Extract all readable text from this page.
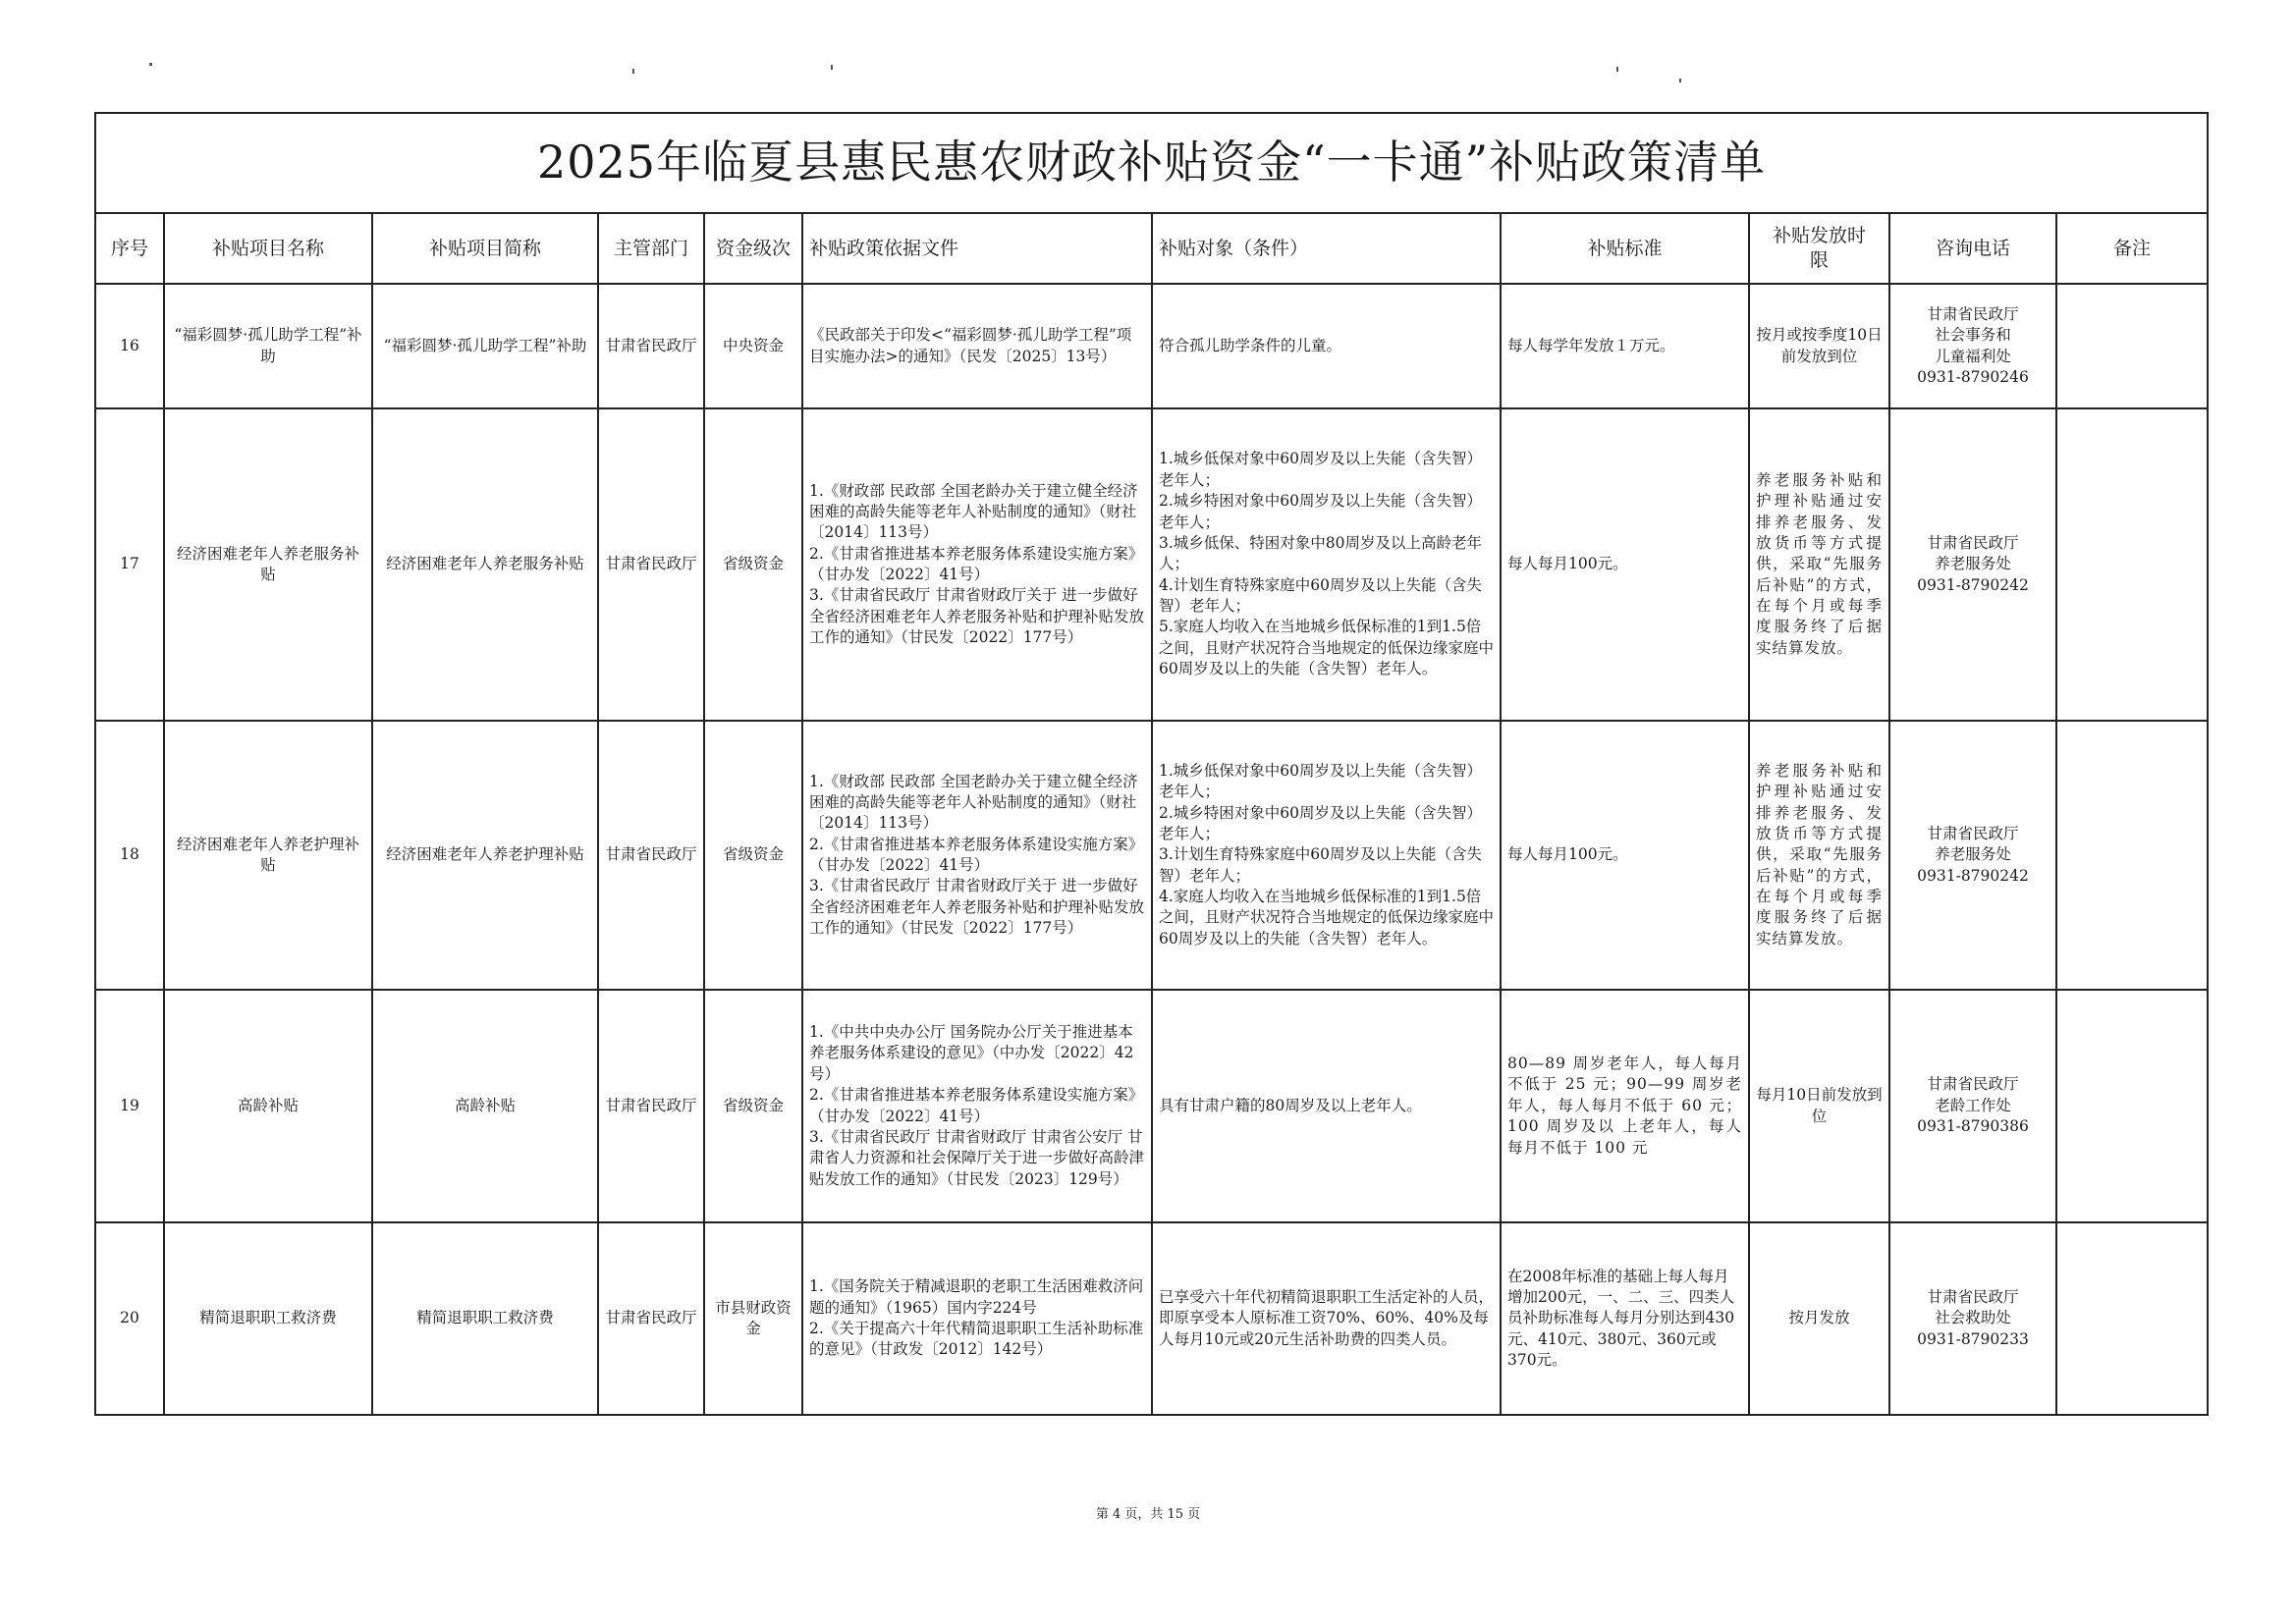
2025年临夏县惠民惠农财政补贴资金“一卡通”补贴政策清单										
序号	补贴项目名称	补贴项目简称	主管部门	资金级次	补贴政策依据文件	补贴对象（条件）	补贴标准	补贴发放时限	咨询电话	备注
16	“福彩圆梦·孤儿助学工程”补助	“福彩圆梦·孤儿助学工程”补助	甘肃省民政厅	中央资金	《民政部关于印发<“福彩圆梦·孤儿助学工程”项目实施办法>的通知》（民发〔2025〕13号）	符合孤儿助学条件的儿童。	每人每学年发放１万元。	按月或按季度10日前发放到位	甘肃省民政厅
社会事务和
儿童福利处
0931-8790246	

17	经济困难老年人养老服务补贴	经济困难老年人养老服务补贴	甘肃省民政厅	省级资金	1.《财政部 民政部 全国老龄办关于建立健全经济困难的高龄失能等老年人补贴制度的通知》（财社〔2014〕113号）
2.《甘肃省推进基本养老服务体系建设实施方案》（甘办发〔2022〕41号）
3.《甘肃省民政厅 甘肃省财政厅关于 进一步做好全省经济困难老年人养老服务补贴和护理补贴发放工作的通知》（甘民发〔2022〕177号）	1.城乡低保对象中60周岁及以上失能（含失智）老年人；
2.城乡特困对象中60周岁及以上失能（含失智）老年人；
3.城乡低保、特困对象中80周岁及以上高龄老年人；
4.计划生育特殊家庭中60周岁及以上失能（含失智）老年人；
5.家庭人均收入在当地城乡低保标准的1到1.5倍之间，且财产状况符合当地规定的低保边缘家庭中60周岁及以上的失能（含失智）老年人。	每人每月100元。	养老服务补贴和护理补贴通过安排养老服务、发放货币等方式提供，采取“先服务后补贴”的方式，在每个月或每季度服务终了后据实结算发放。	甘肃省民政厅
养老服务处
0931-8790242	

18	经济困难老年人养老护理补贴	经济困难老年人养老护理补贴	甘肃省民政厅	省级资金	1.《财政部 民政部 全国老龄办关于建立健全经济困难的高龄失能等老年人补贴制度的通知》（财社〔2014〕113号）
2.《甘肃省推进基本养老服务体系建设实施方案》（甘办发〔2022〕41号）
3.《甘肃省民政厅 甘肃省财政厅关于 进一步做好全省经济困难老年人养老服务补贴和护理补贴发放工作的通知》（甘民发〔2022〕177号）	1.城乡低保对象中60周岁及以上失能（含失智）老年人；
2.城乡特困对象中60周岁及以上失能（含失智）老年人；
3.计划生育特殊家庭中60周岁及以上失能（含失智）老年人；
4.家庭人均收入在当地城乡低保标准的1到1.5倍之间，且财产状况符合当地规定的低保边缘家庭中60周岁及以上的失能（含失智）老年人。	每人每月100元。	养老服务补贴和护理补贴通过安排养老服务、发放货币等方式提供，采取“先服务后补贴”的方式，在每个月或每季度服务终了后据实结算发放。	甘肃省民政厅
养老服务处
0931-8790242	

19	高龄补贴	高龄补贴	甘肃省民政厅	省级资金	1.《中共中央办公厅 国务院办公厅关于推进基本养老服务体系建设的意见》（中办发〔2022〕42号）
2.《甘肃省推进基本养老服务体系建设实施方案》（甘办发〔2022〕41号）
3.《甘肃省民政厅 甘肃省财政厅 甘肃省公安厅 甘肃省人力资源和社会保障厅关于进一步做好高龄津贴发放工作的通知》（甘民发〔2023〕129号）	具有甘肃户籍的80周岁及以上老年人。	80—89 周岁老年人，每人每月不低于 25 元；90—99 周岁老年人，每人每月不低于 60 元；100 周岁及以 上老年人，每人每月不低于 100 元	每月10日前发放到位	甘肃省民政厅
老龄工作处
0931-8790386	

20	精简退职职工救济费	精简退职职工救济费	甘肃省民政厅	市县财政资金	1.《国务院关于精减退职的老职工生活困难救济问题的通知》（1965）国内字224号
2.《关于提高六十年代精简退职职工生活补助标准的意见》（甘政发〔2012〕142号）	已享受六十年代初精简退职职工生活定补的人员，即原享受本人原标准工资70%、60%、40%及每人每月10元或20元生活补助费的四类人员。	在2008年标准的基础上每人每月增加200元，一、二、三、四类人员补助标准每人每月分别达到430元、410元、380元、360元或370元。	按月发放	甘肃省民政厅
社会救助处
0931-8790233	

第 4 页，共 15 页
